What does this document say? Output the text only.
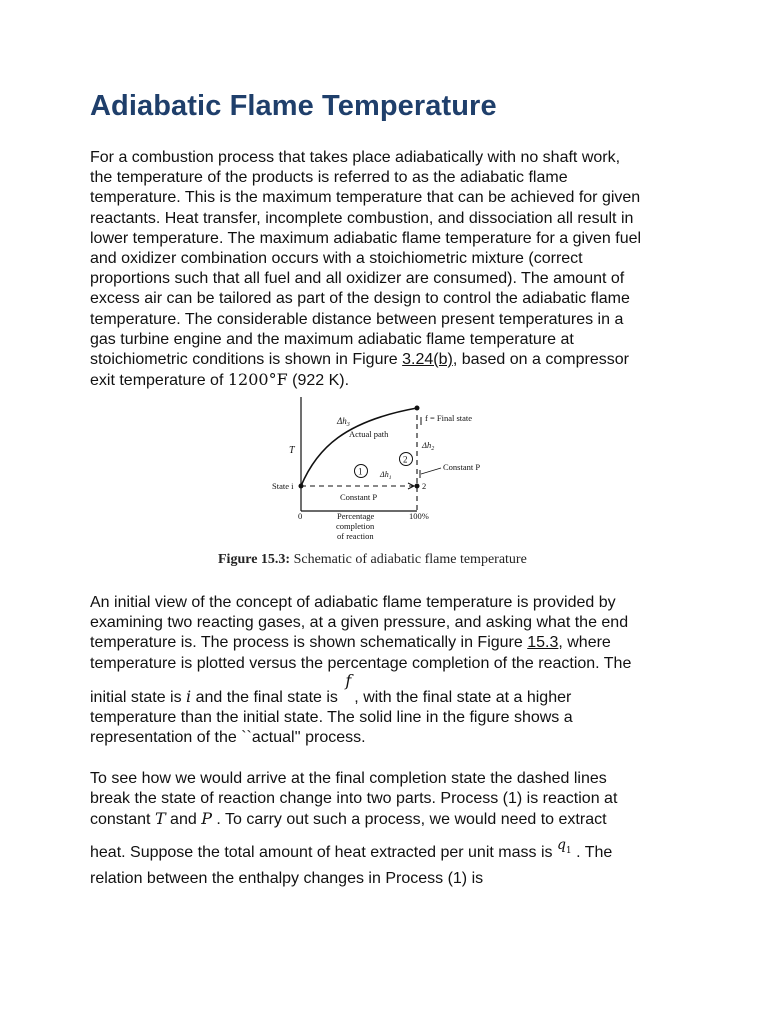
Adiabatic Flame Temperature
For a combustion process that takes place adiabatically with no shaft work,
the temperature of the products is referred to as the adiabatic flame
temperature. This is the maximum temperature that can be achieved for given
reactants. Heat transfer, incomplete combustion, and dissociation all result in
lower temperature. The maximum adiabatic flame temperature for a given fuel
and oxidizer combination occurs with a stoichiometric mixture (correct
proportions such that all fuel and all oxidizer are consumed). The amount of
excess air can be tailored as part of the design to control the adiabatic flame
temperature. The considerable distance between present temperatures in a
gas turbine engine and the maximum adiabatic flame temperature at
stoichiometric conditions is shown in Figure 3.24(b), based on a compressor
exit temperature of 1200°F (922 K).
$\Delta h_3$
Actual path
f = Final state
T	$\Delta h_2$
2
1 $\Delta h_1$
Constant P
State i	2
Constant P
0	100%
Percentage
completion
of reaction
Figure 15.3: Schematic of adiabatic flame temperature
An initial view of the concept of adiabatic flame temperature is provided by
examining two reacting gases, at a given pressure, and asking what the end
temperature is. The process is shown schematically in Figure 15.3, where
temperature is plotted versus the percentage completion of the reaction. The
initial state is i and the final state is f, with the final state at a higher
temperature than the initial state. The solid line in the figure shows a
representation of the ``actual'' process.
To see how we would arrive at the final completion state the dashed lines
break the state of reaction change into two parts. Process (1) is reaction at
constant T and P . To carry out such a process, we would need to extract
heat. Suppose the total amount of heat extracted per unit mass is $q_1$ . The
relation between the enthalpy changes in Process (1) is
